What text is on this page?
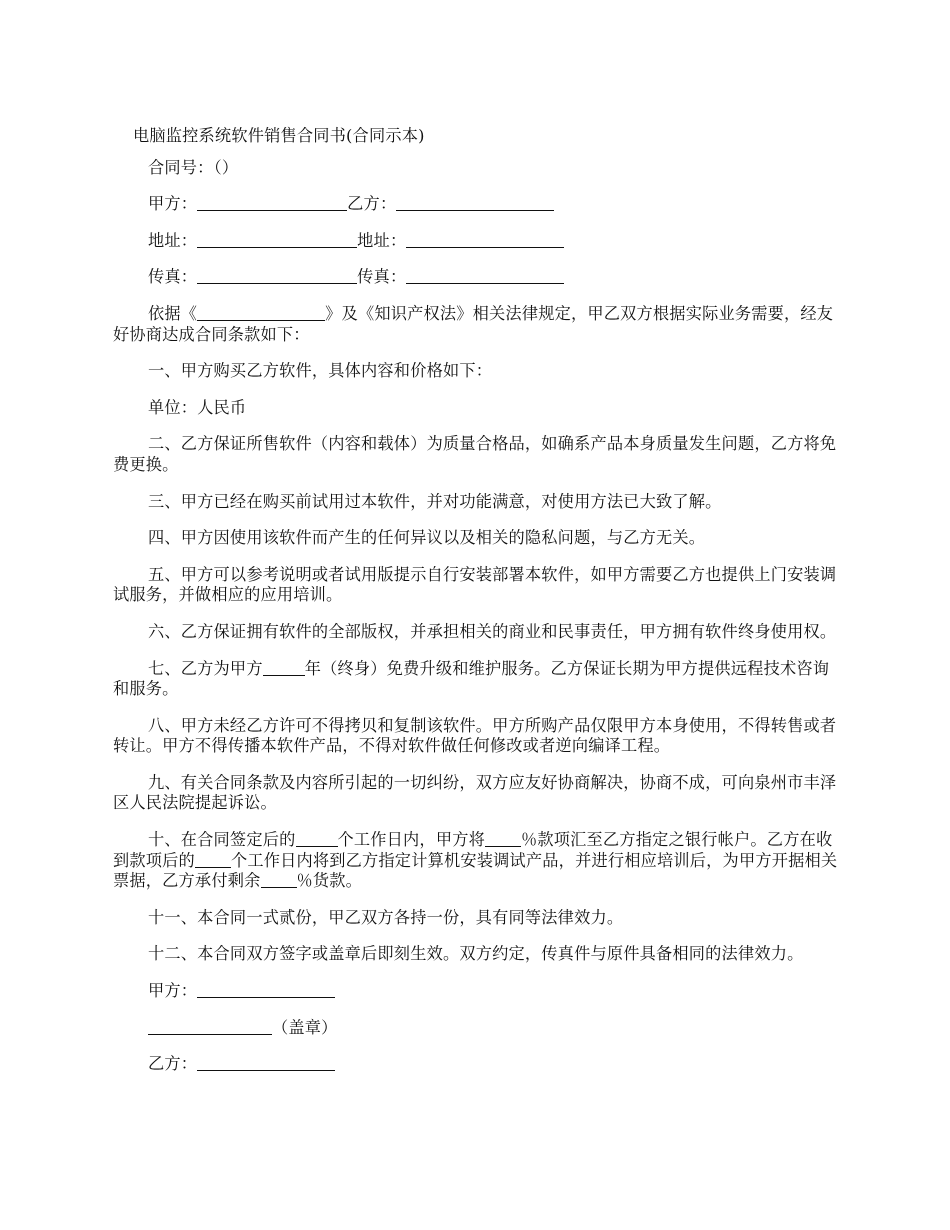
电脑监控系统软件销售合同书(合同示本)
合同号：（）
甲方：	乙方：
地址：	地址：
传真：	传真：
依据《	》及《知识产权法》相关法律规定，甲乙双方根据实际业务需要，经友好协商达成合同条款如下：
一、甲方购买乙方软件，具体内容和价格如下：
单位：人民币
二、乙方保证所售软件（内容和载体）为质量合格品，如确系产品本身质量发生问题，乙方将免费更换。
三、甲方已经在购买前试用过本软件，并对功能满意，对使用方法已大致了解。
四、甲方因使用该软件而产生的任何异议以及相关的隐私问题，与乙方无关。
五、甲方可以参考说明或者试用版提示自行安装部署本软件，如甲方需要乙方也提供上门安装调试服务，并做相应的应用培训。
六、乙方保证拥有软件的全部版权，并承担相关的商业和民事责任，甲方拥有软件终身使用权。
七、乙方为甲方	年（终身）免费升级和维护服务。乙方保证长期为甲方提供远程技术咨询和服务。
八、甲方未经乙方许可不得拷贝和复制该软件。甲方所购产品仅限甲方本身使用，不得转售或者转让。甲方不得传播本软件产品，不得对软件做任何修改或者逆向编译工程。
九、有关合同条款及内容所引起的一切纠纷，双方应友好协商解决，协商不成，可向泉州市丰泽区人民法院提起诉讼。
十、在合同签定后的	个工作日内，甲方将 ％款项汇至乙方指定之银行帐户。乙方在收到款项后的 个工作日内将到乙方指定计算机安装调试产品，并进行相应培训后，为甲方开据相关票据，乙方承付剩余 ％货款。
十一、本合同一式贰份，甲乙双方各持一份，具有同等法律效力。
十二、本合同双方签字或盖章后即刻生效。双方约定，传真件与原件具备相同的法律效力。
甲方：
（盖章）
乙方：
